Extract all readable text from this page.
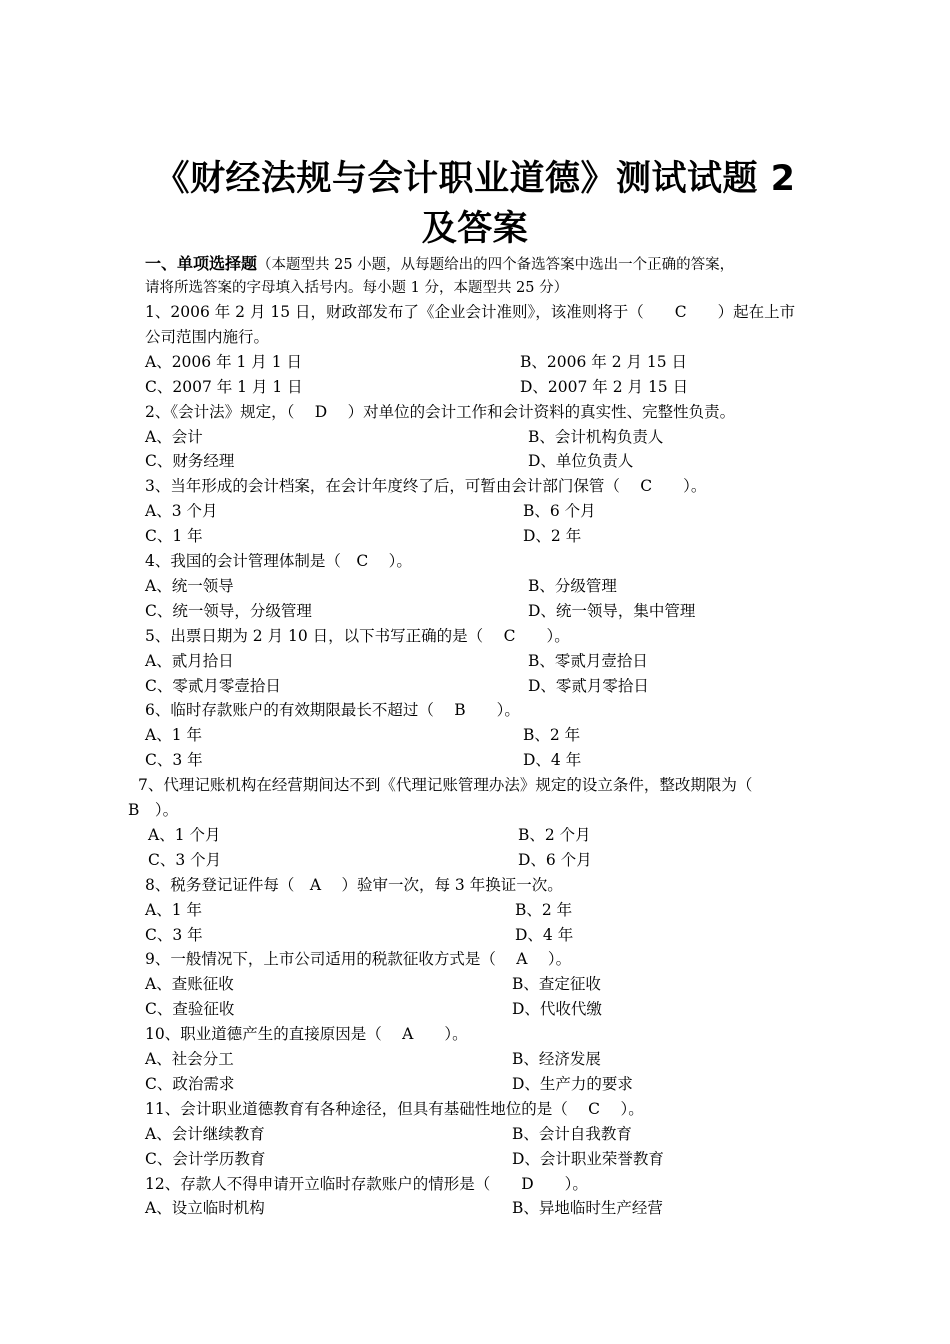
《财经法规与会计职业道德》测试试题 2
及答案
一、单项选择题（本题型共 25 小题，从每题给出的四个备选答案中选出一个正确的答案，
请将所选答案的字母填入括号内。每小题 1 分，本题型共 25 分）
1、2006 年 2 月 15 日，财政部发布了《企业会计准则》，该准则将于（　　C　　）起在上市
公司范围内施行。
A、2006 年 1 月 1 日	B、2006 年 2 月 15 日
C、2007 年 1 月 1 日	D、2007 年 2 月 15 日
2、《会计法》规定，（　 D　 ）对单位的会计工作和会计资料的真实性、完整性负责。
A、会计	B、会计机构负责人
C、财务经理	D、单位负责人
3、当年形成的会计档案，在会计年度终了后，可暂由会计部门保管（　 C　　）。
A、3 个月	B、6 个月
C、1 年	D、2 年
4、我国的会计管理体制是（　C　 ）。
A、统一领导	B、分级管理
C、统一领导，分级管理	D、统一领导，集中管理
5、出票日期为 2 月 10 日，以下书写正确的是（　 C　　）。
A、贰月拾日	B、零贰月壹拾日
C、零贰月零壹拾日	D、零贰月零拾日
6、临时存款账户的有效期限最长不超过（　 B　　）。
A、1 年	B、2 年
C、3 年	D、4 年
7、代理记账机构在经营期间达不到《代理记账管理办法》规定的设立条件，整改期限为（
B　）。
A、1 个月	B、2 个月
C、3 个月	D、6 个月
8、税务登记证件每（　A　 ）验审一次，每 3 年换证一次。
A、1 年	B、2 年
C、3 年	D、4 年
9、一般情况下，上市公司适用的税款征收方式是（　 A　 ）。
A、查账征收	B、查定征收
C、查验征收	D、代收代缴
10、职业道德产生的直接原因是（　 A　　）。
A、社会分工	B、经济发展
C、政治需求	D、生产力的要求
11、会计职业道德教育有各种途径，但具有基础性地位的是（　 C　 ）。
A、会计继续教育	B、会计自我教育
C、会计学历教育	D、会计职业荣誉教育
12、存款人不得申请开立临时存款账户的情形是（　　D　　）。
A、设立临时机构	B、异地临时生产经营
